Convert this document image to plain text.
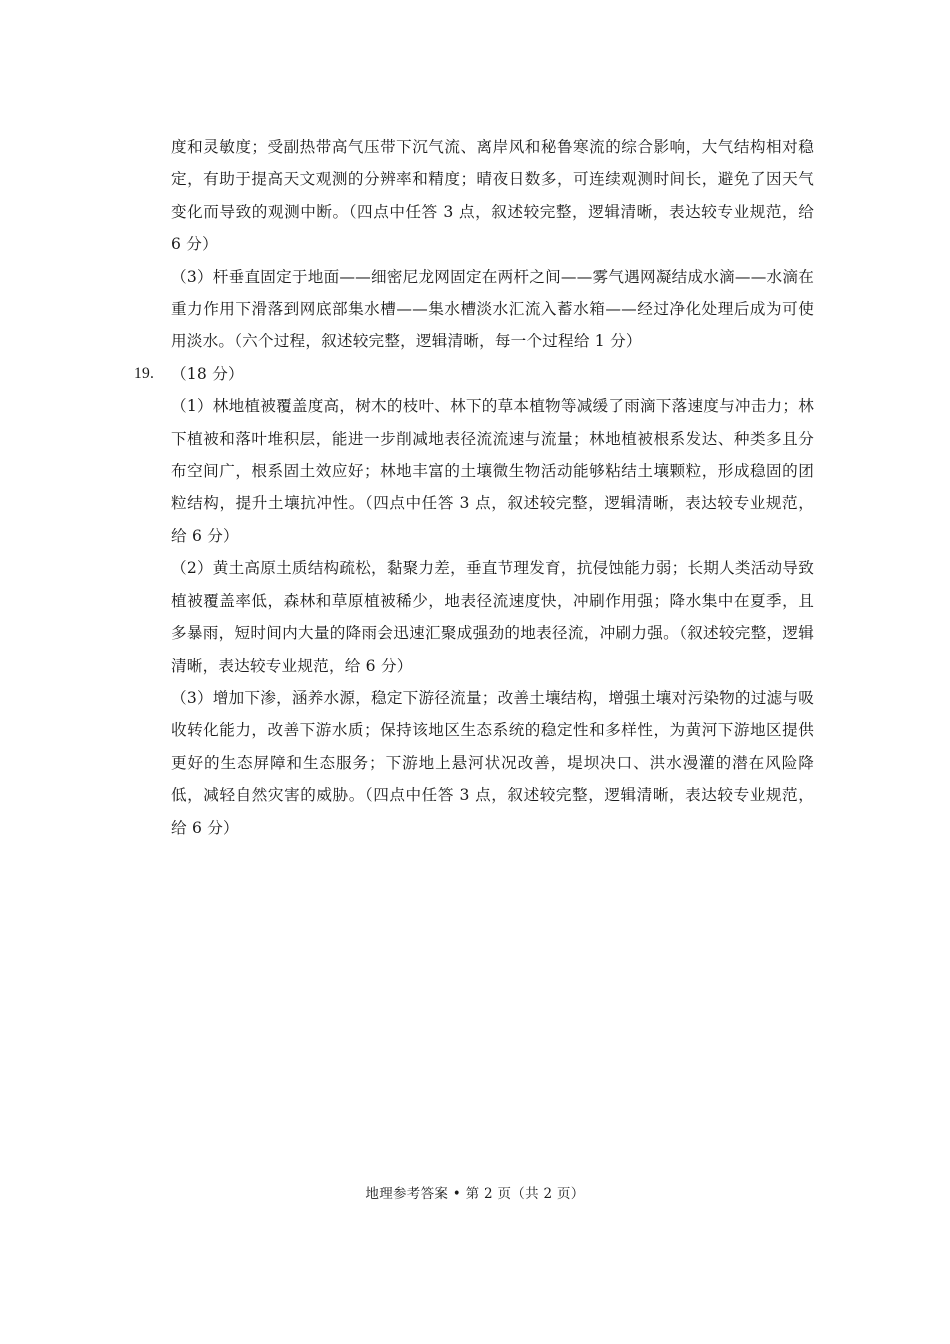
度和灵敏度；受副热带高气压带下沉气流、离岸风和秘鲁寒流的综合影响，大气结构相对稳定，有助于提高天文观测的分辨率和精度；晴夜日数多，可连续观测时间长，避免了因天气变化而导致的观测中断。（四点中任答 3 点，叙述较完整，逻辑清晰，表达较专业规范，给 6 分）

（3）杆垂直固定于地面——细密尼龙网固定在两杆之间——雾气遇网凝结成水滴——水滴在重力作用下滑落到网底部集水槽——集水槽淡水汇流入蓄水箱——经过净化处理后成为可使用淡水。（六个过程，叙述较完整，逻辑清晰，每一个过程给 1 分）

19. （18 分）

（1）林地植被覆盖度高，树木的枝叶、林下的草本植物等减缓了雨滴下落速度与冲击力；林下植被和落叶堆积层，能进一步削减地表径流流速与流量；林地植被根系发达、种类多且分布空间广，根系固土效应好；林地丰富的土壤微生物活动能够粘结土壤颗粒，形成稳固的团粒结构，提升土壤抗冲性。（四点中任答 3 点，叙述较完整，逻辑清晰，表达较专业规范，给 6 分）

（2）黄土高原土质结构疏松，黏聚力差，垂直节理发育，抗侵蚀能力弱；长期人类活动导致植被覆盖率低，森林和草原植被稀少，地表径流速度快，冲刷作用强；降水集中在夏季，且多暴雨，短时间内大量的降雨会迅速汇聚成强劲的地表径流，冲刷力强。（叙述较完整，逻辑清晰，表达较专业规范，给 6 分）

（3）增加下渗，涵养水源，稳定下游径流量；改善土壤结构，增强土壤对污染物的过滤与吸收转化能力，改善下游水质；保持该地区生态系统的稳定性和多样性，为黄河下游地区提供更好的生态屏障和生态服务；下游地上悬河状况改善，堤坝决口、洪水漫灌的潜在风险降低，减轻自然灾害的威胁。（四点中任答 3 点，叙述较完整，逻辑清晰，表达较专业规范，给 6 分）

地理参考答案 • 第 2 页（共 2 页）
